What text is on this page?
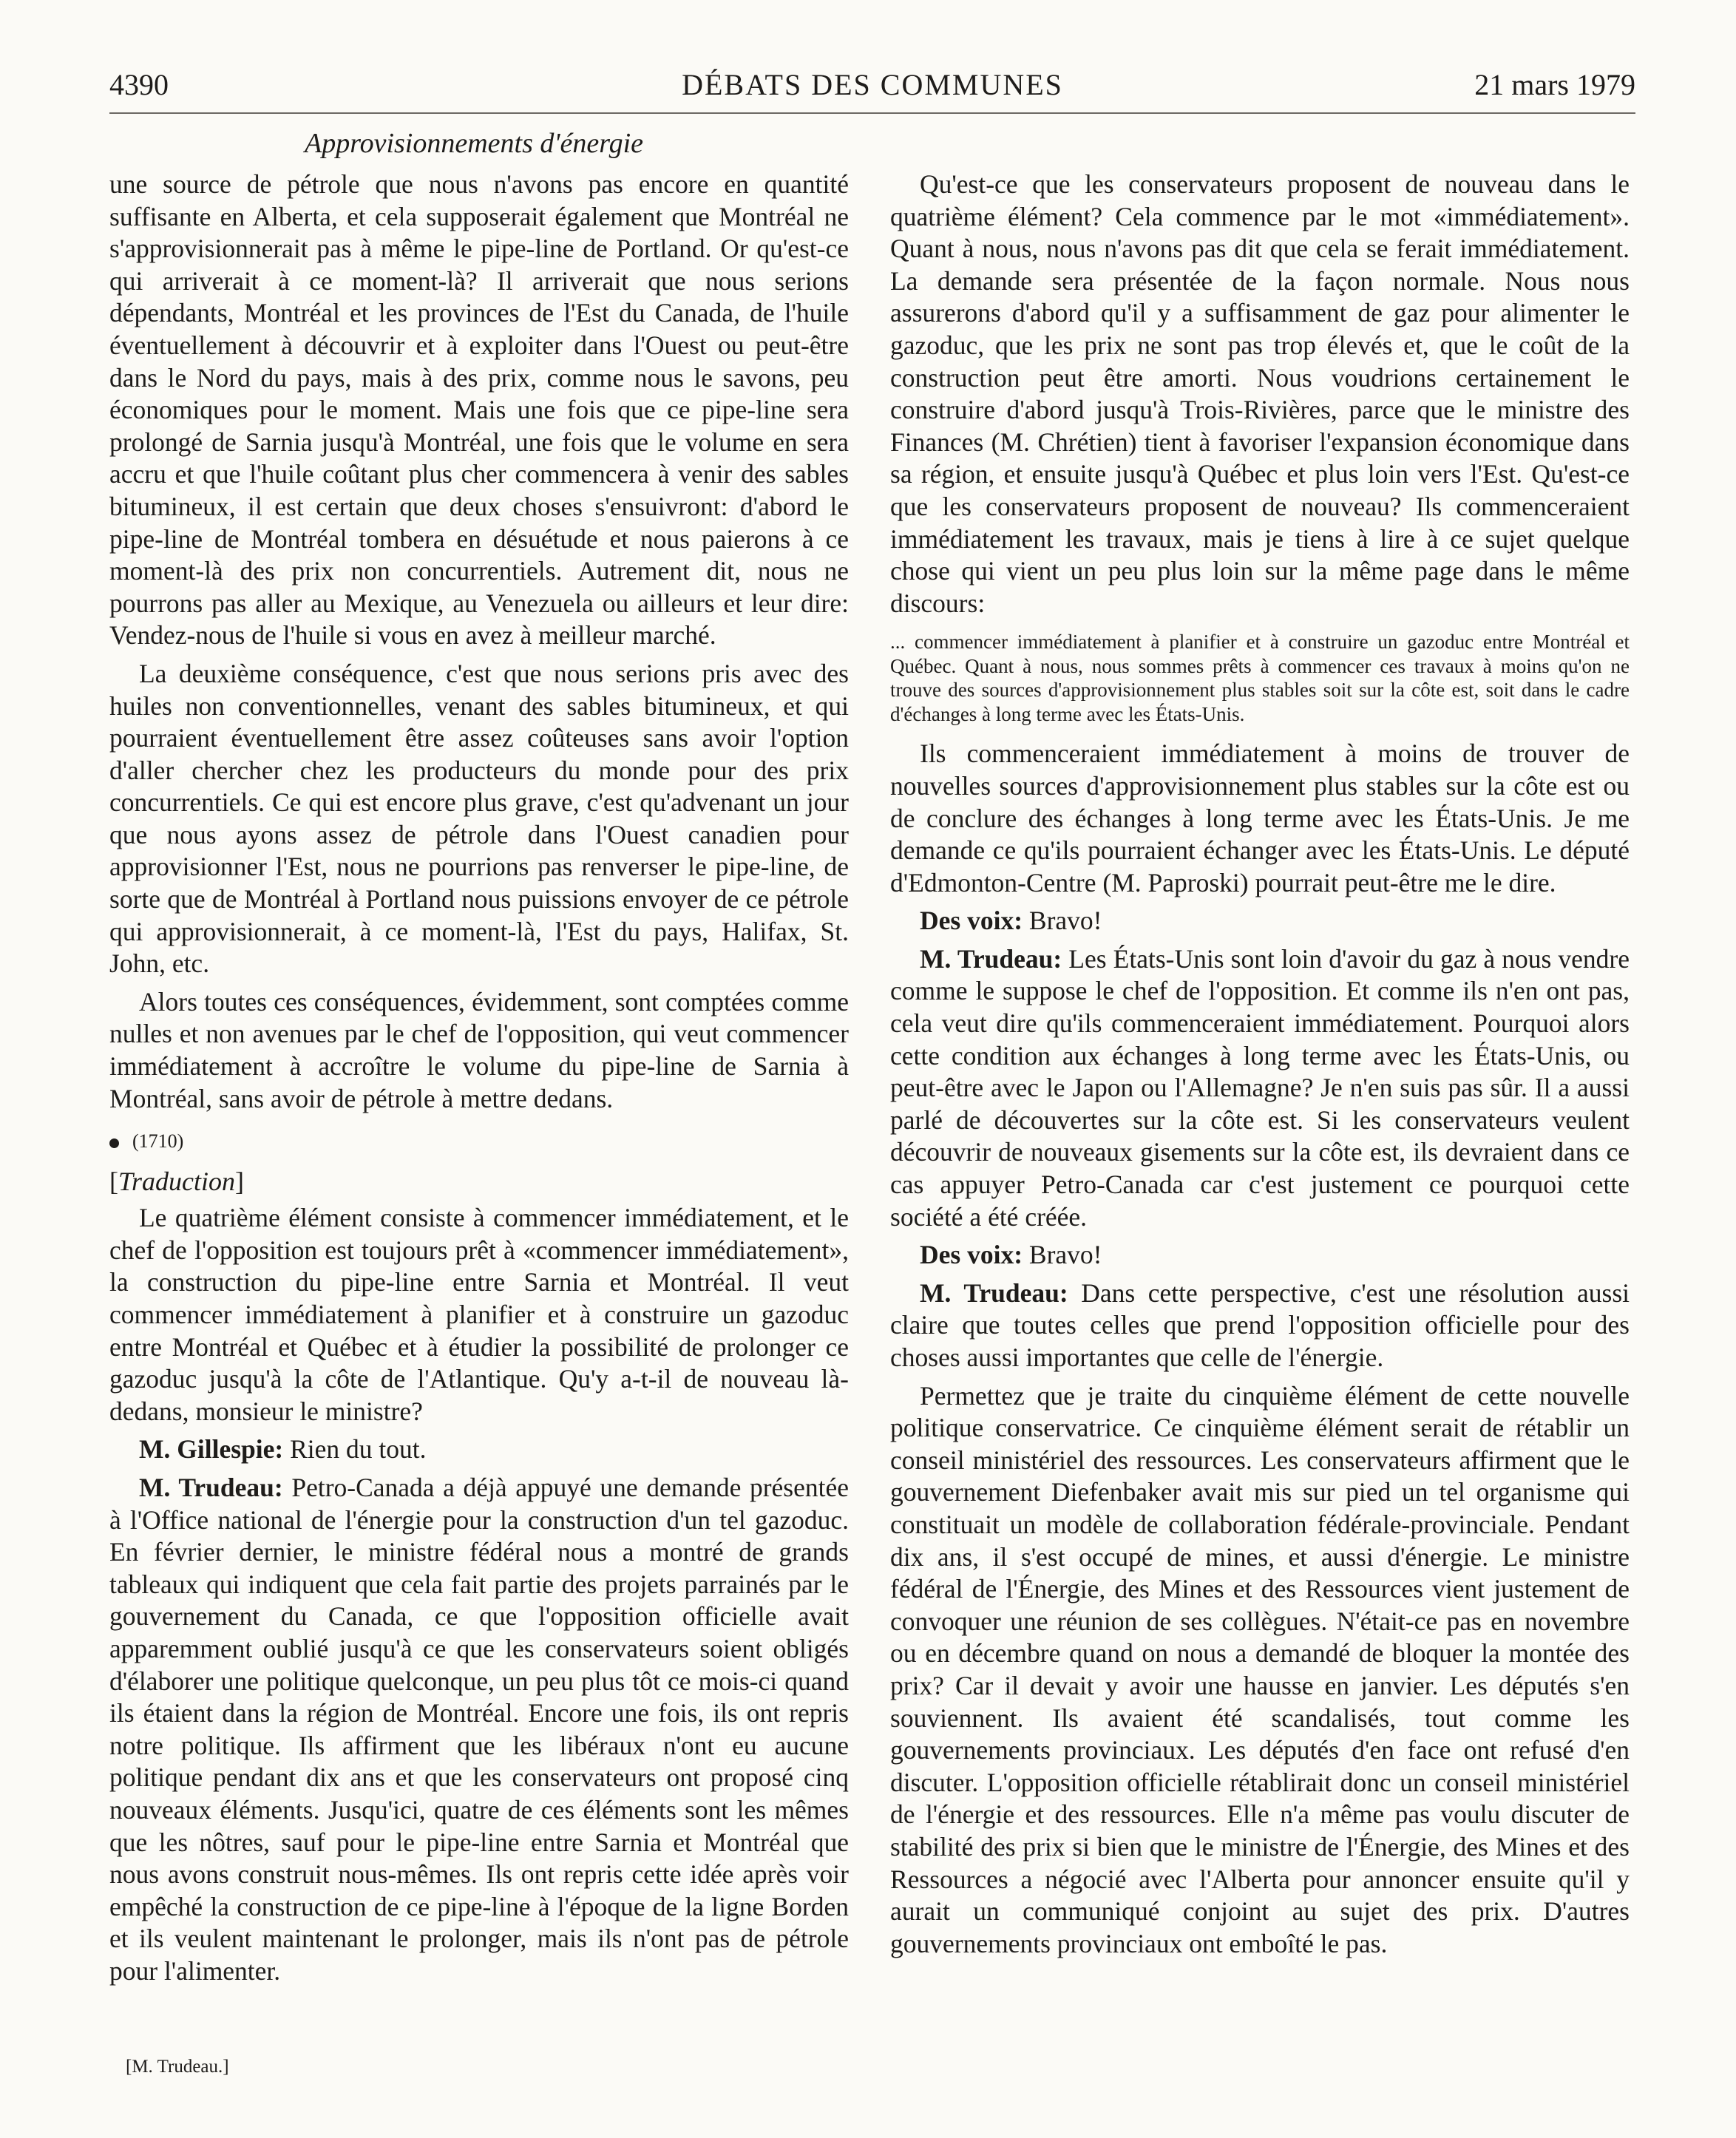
4390	DÉBATS DES COMMUNES	21 mars 1979
Approvisionnements d'énergie

une source de pétrole que nous n'avons pas encore en quantité suffisante en Alberta, et cela supposerait également que Montréal ne s'approvisionnerait pas à même le pipe-line de Portland. Or qu'est-ce qui arriverait à ce moment-là? Il arriverait que nous serions dépendants, Montréal et les provinces de l'Est du Canada, de l'huile éventuellement à découvrir et à exploiter dans l'Ouest ou peut-être dans le Nord du pays, mais à des prix, comme nous le savons, peu économiques pour le moment. Mais une fois que ce pipe-line sera prolongé de Sarnia jusqu'à Montréal, une fois que le volume en sera accru et que l'huile coûtant plus cher commencera à venir des sables bitumineux, il est certain que deux choses s'ensuivront: d'abord le pipe-line de Montréal tombera en désuétude et nous paierons à ce moment-là des prix non concurrentiels. Autrement dit, nous ne pourrons pas aller au Mexique, au Venezuela ou ailleurs et leur dire: Vendez-nous de l'huile si vous en avez à meilleur marché.

La deuxième conséquence, c'est que nous serions pris avec des huiles non conventionnelles, venant des sables bitumineux, et qui pourraient éventuellement être assez coûteuses sans avoir l'option d'aller chercher chez les producteurs du monde pour des prix concurrentiels. Ce qui est encore plus grave, c'est qu'advenant un jour que nous ayons assez de pétrole dans l'Ouest canadien pour approvisionner l'Est, nous ne pourrions pas renverser le pipe-line, de sorte que de Montréal à Portland nous puissions envoyer de ce pétrole qui approvisionnerait, à ce moment-là, l'Est du pays, Halifax, St. John, etc.

Alors toutes ces conséquences, évidemment, sont comptées comme nulles et non avenues par le chef de l'opposition, qui veut commencer immédiatement à accroître le volume du pipe-line de Sarnia à Montréal, sans avoir de pétrole à mettre dedans.

(1710)

[Traduction]

Le quatrième élément consiste à commencer immédiatement, et le chef de l'opposition est toujours prêt à «commencer immédiatement», la construction du pipe-line entre Sarnia et Montréal. Il veut commencer immédiatement à planifier et à construire un gazoduc entre Montréal et Québec et à étudier la possibilité de prolonger ce gazoduc jusqu'à la côte de l'Atlantique. Qu'y a-t-il de nouveau là-dedans, monsieur le ministre?

M. Gillespie: Rien du tout.

M. Trudeau: Petro-Canada a déjà appuyé une demande présentée à l'Office national de l'énergie pour la construction d'un tel gazoduc. En février dernier, le ministre fédéral nous a montré de grands tableaux qui indiquent que cela fait partie des projets parrainés par le gouvernement du Canada, ce que l'opposition officielle avait apparemment oublié jusqu'à ce que les conservateurs soient obligés d'élaborer une politique quelconque, un peu plus tôt ce mois-ci quand ils étaient dans la région de Montréal. Encore une fois, ils ont repris notre politique. Ils affirment que les libéraux n'ont eu aucune politique pendant dix ans et que les conservateurs ont proposé cinq nouveaux éléments. Jusqu'ici, quatre de ces éléments sont les mêmes que les nôtres, sauf pour le pipe-line entre Sarnia et Montréal que nous avons construit nous-mêmes. Ils ont repris cette idée après voir empêché la construction de ce pipe-line à l'époque de la ligne Borden et ils veulent maintenant le prolonger, mais ils n'ont pas de pétrole pour l'alimenter.

Qu'est-ce que les conservateurs proposent de nouveau dans le quatrième élément? Cela commence par le mot «immédiatement». Quant à nous, nous n'avons pas dit que cela se ferait immédiatement. La demande sera présentée de la façon normale. Nous nous assurerons d'abord qu'il y a suffisamment de gaz pour alimenter le gazoduc, que les prix ne sont pas trop élevés et, que le coût de la construction peut être amorti. Nous voudrions certainement le construire d'abord jusqu'à Trois-Rivières, parce que le ministre des Finances (M. Chrétien) tient à favoriser l'expansion économique dans sa région, et ensuite jusqu'à Québec et plus loin vers l'Est. Qu'est-ce que les conservateurs proposent de nouveau? Ils commenceraient immédiatement les travaux, mais je tiens à lire à ce sujet quelque chose qui vient un peu plus loin sur la même page dans le même discours:

... commencer immédiatement à planifier et à construire un gazoduc entre Montréal et Québec. Quant à nous, nous sommes prêts à commencer ces travaux à moins qu'on ne trouve des sources d'approvisionnement plus stables soit sur la côte est, soit dans le cadre d'échanges à long terme avec les États-Unis.

Ils commenceraient immédiatement à moins de trouver de nouvelles sources d'approvisionnement plus stables sur la côte est ou de conclure des échanges à long terme avec les États-Unis. Je me demande ce qu'ils pourraient échanger avec les États-Unis. Le député d'Edmonton-Centre (M. Paproski) pourrait peut-être me le dire.

Des voix: Bravo!

M. Trudeau: Les États-Unis sont loin d'avoir du gaz à nous vendre comme le suppose le chef de l'opposition. Et comme ils n'en ont pas, cela veut dire qu'ils commenceraient immédiatement. Pourquoi alors cette condition aux échanges à long terme avec les États-Unis, ou peut-être avec le Japon ou l'Allemagne? Je n'en suis pas sûr. Il a aussi parlé de découvertes sur la côte est. Si les conservateurs veulent découvrir de nouveaux gisements sur la côte est, ils devraient dans ce cas appuyer Petro-Canada car c'est justement ce pourquoi cette société a été créée.

Des voix: Bravo!

M. Trudeau: Dans cette perspective, c'est une résolution aussi claire que toutes celles que prend l'opposition officielle pour des choses aussi importantes que celle de l'énergie.

Permettez que je traite du cinquième élément de cette nouvelle politique conservatrice. Ce cinquième élément serait de rétablir un conseil ministériel des ressources. Les conservateurs affirment que le gouvernement Diefenbaker avait mis sur pied un tel organisme qui constituait un modèle de collaboration fédérale-provinciale. Pendant dix ans, il s'est occupé de mines, et aussi d'énergie. Le ministre fédéral de l'Énergie, des Mines et des Ressources vient justement de convoquer une réunion de ses collègues. N'était-ce pas en novembre ou en décembre quand on nous a demandé de bloquer la montée des prix? Car il devait y avoir une hausse en janvier. Les députés s'en souviennent. Ils avaient été scandalisés, tout comme les gouvernements provinciaux. Les députés d'en face ont refusé d'en discuter. L'opposition officielle rétablirait donc un conseil ministériel de l'énergie et des ressources. Elle n'a même pas voulu discuter de stabilité des prix si bien que le ministre de l'Énergie, des Mines et des Ressources a négocié avec l'Alberta pour annoncer ensuite qu'il y aurait un communiqué conjoint au sujet des prix. D'autres gouvernements provinciaux ont emboîté le pas.

[M. Trudeau.]
